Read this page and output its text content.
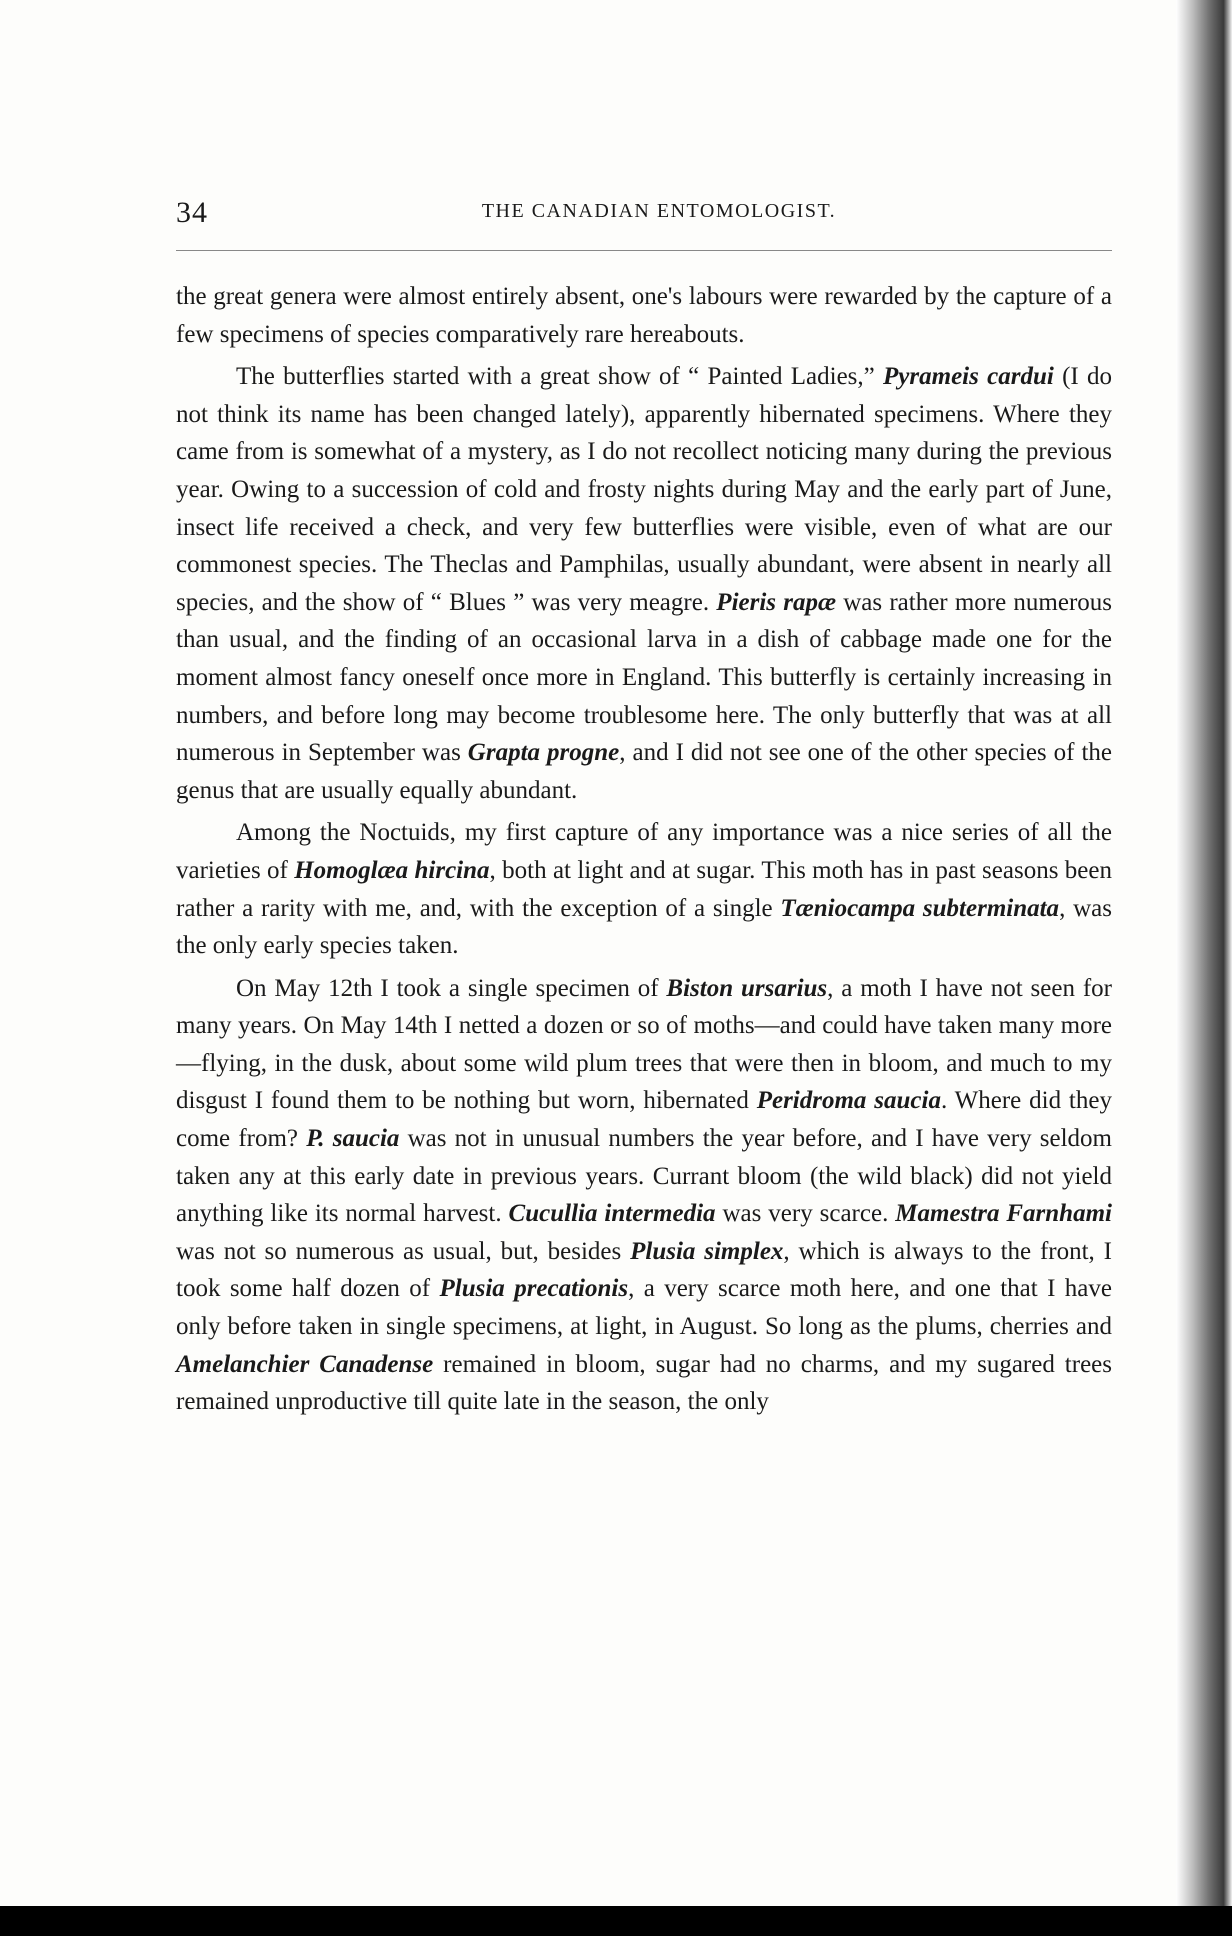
34	THE CANADIAN ENTOMOLOGIST.

the great genera were almost entirely absent, one's labours were rewarded by the capture of a few specimens of species comparatively rare hereabouts.

The butterflies started with a great show of “ Painted Ladies,” Pyrameis cardui (I do not think its name has been changed lately), apparently hibernated specimens. Where they came from is somewhat of a mystery, as I do not recollect noticing many during the previous year. Owing to a succession of cold and frosty nights during May and the early part of June, insect life received a check, and very few butterflies were visible, even of what are our commonest species. The Theclas and Pamphilas, usually abundant, were absent in nearly all species, and the show of “ Blues ” was very meagre. Pieris rapæ was rather more numerous than usual, and the finding of an occasional larva in a dish of cabbage made one for the moment almost fancy oneself once more in England. This butterfly is certainly increasing in numbers, and before long may become troublesome here. The only butterfly that was at all numerous in September was Grapta progne, and I did not see one of the other species of the genus that are usually equally abundant.

Among the Noctuids, my first capture of any importance was a nice series of all the varieties of Homoglæa hircina, both at light and at sugar. This moth has in past seasons been rather a rarity with me, and, with the exception of a single Tæniocampa subterminata, was the only early species taken.

On May 12th I took a single specimen of Biston ursarius, a moth I have not seen for many years. On May 14th I netted a dozen or so of moths—and could have taken many more—flying, in the dusk, about some wild plum trees that were then in bloom, and much to my disgust I found them to be nothing but worn, hibernated Peridroma saucia. Where did they come from? P. saucia was not in unusual numbers the year before, and I have very seldom taken any at this early date in previous years. Currant bloom (the wild black) did not yield anything like its normal harvest. Cucullia intermedia was very scarce. Mamestra Farnhami was not so numerous as usual, but, besides Plusia simplex, which is always to the front, I took some half dozen of Plusia precationis, a very scarce moth here, and one that I have only before taken in single specimens, at light, in August. So long as the plums, cherries and Amelanchier Canadense remained in bloom, sugar had no charms, and my sugared trees remained unproductive till quite late in the season, the only
